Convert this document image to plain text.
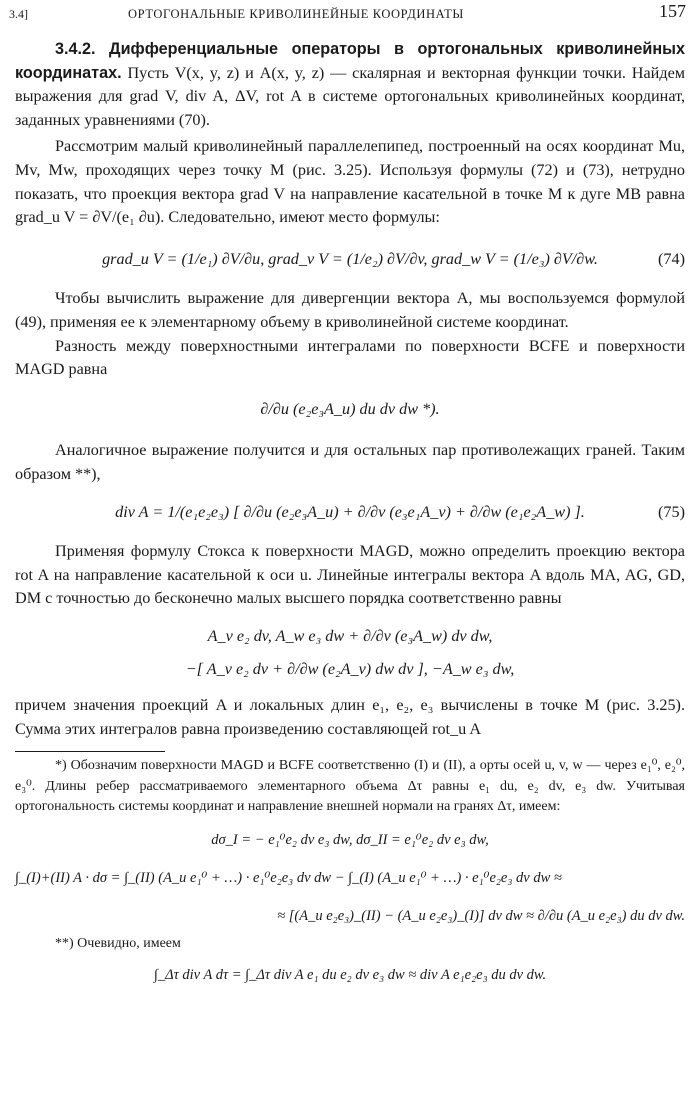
3.4]	ОРТОГОНАЛЬНЫЕ КРИВОЛИНЕЙНЫЕ КООРДИНАТЫ	157

3.4.2. Дифференциальные операторы в ортогональных криволинейных координатах. Пусть V(x, y, z) и A(x, y, z) — скалярная и векторная функции точки. Найдем выражения для grad V, div A, ΔV, rot A в системе ортогональных криволинейных координат, заданных уравнениями (70).

Рассмотрим малый криволинейный параллелепипед, построенный на осях координат Mu, Mv, Mw, проходящих через точку M (рис. 3.25). Используя формулы (72) и (73), нетрудно показать, что проекция вектора grad V на направление касательной в точке M к дуге MB равна grad_u V = ∂V/(e₁ ∂u). Следовательно, имеют место формулы:

grad_u V = (1/e₁) ∂V/∂u, grad_v V = (1/e₂) ∂V/∂v, grad_w V = (1/e₃) ∂V/∂w.	(74)

Чтобы вычислить выражение для дивергенции вектора A, мы воспользуемся формулой (49), применяя ее к элементарному объему в криволинейной системе координат.

Разность между поверхностными интегралами по поверхности BCFE и поверхности MAGD равна

∂/∂u (e₂e₃A_u) du dv dw *).

Аналогичное выражение получится и для остальных пар противолежащих граней. Таким образом **),

div A = 1/(e₁e₂e₃) [ ∂/∂u (e₂e₃A_u) + ∂/∂v (e₃e₁A_v) + ∂/∂w (e₁e₂A_w) ].	(75)

Применяя формулу Стокса к поверхности MAGD, можно определить проекцию вектора rot A на направление касательной к оси u. Линейные интегралы вектора A вдоль MA, AG, GD, DM с точностью до бесконечно малых высшего порядка соответственно равны

A_v e₂ dv, A_w e₃ dw + ∂/∂v (e₃A_w) dv dw,
−[ A_v e₂ dv + ∂/∂w (e₂A_v) dw dv ], −A_w e₃ dw,

причем значения проекций A и локальных длин e₁, e₂, e₃ вычислены в точке M (рис. 3.25). Сумма этих интегралов равна произведению составляющей rot_u A

*) Обозначим поверхности MAGD и BCFE соответственно (I) и (II), а орты осей u, v, w — через e₁⁰, e₂⁰, e₃⁰. Длины ребер рассматриваемого элементарного объема Δτ равны e₁ du, e₂ dv, e₃ dw. Учитывая ортогональность системы координат и направление внешней нормали на гранях Δτ, имеем:

dσ_I = − e₁⁰e₂ dv e₃ dw, dσ_II = e₁⁰e₂ dv e₃ dw,
∫_(I)+(II) A · dσ = ∫_(II) (A_u e₁⁰ + …) · e₁⁰e₂e₃ dv dw − ∫_(I) (A_u e₁⁰ + …) · e₁⁰e₂e₃ dv dw ≈
≈ [(A_u e₂e₃)_(II) − (A_u e₂e₃)_(I)] dv dw ≈ ∂/∂u (A_u e₂e₃) du dv dw.

**) Очевидно, имеем

∫_Δτ div A dτ = ∫_Δτ div A e₁ du e₂ dv e₃ dw ≈ div A e₁e₂e₃ du dv dw.
